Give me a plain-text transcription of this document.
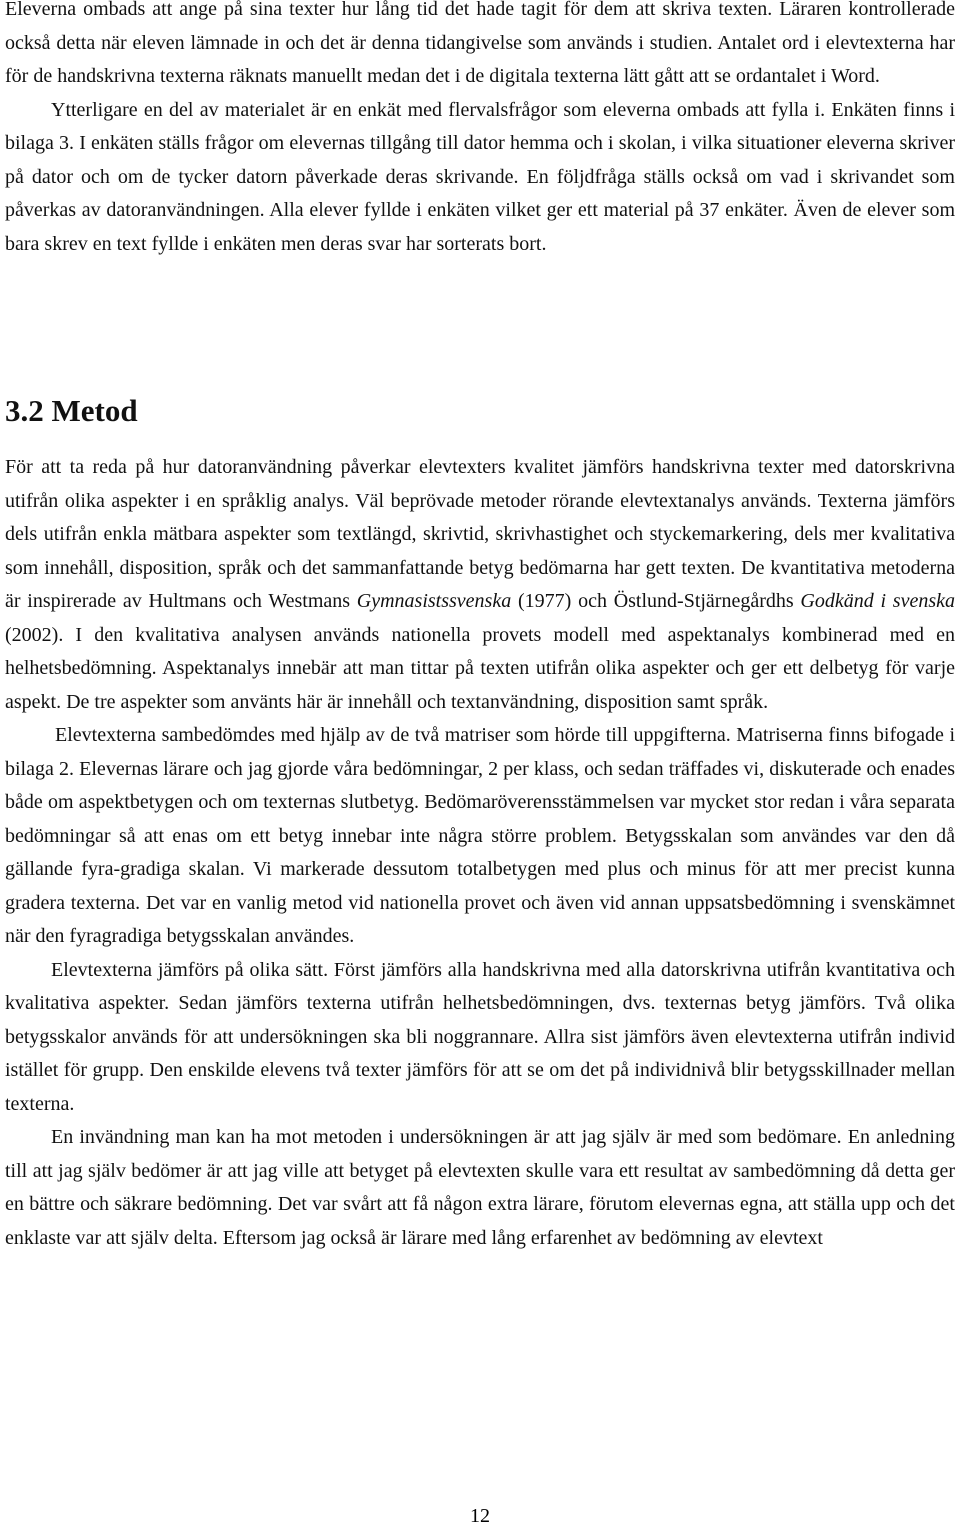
Eleverna ombads att ange på sina texter hur lång tid det hade tagit för dem att skriva texten. Läraren kontrollerade också detta när eleven lämnade in och det är denna tidangivelse som används i studien. Antalet ord i elevtexterna har för de handskrivna texterna räknats manuellt medan det i de digitala texterna lätt gått att se ordantalet i Word.

Ytterligare en del av materialet är en enkät med flervalsfrågor som eleverna ombads att fylla i. Enkäten finns i bilaga 3. I enkäten ställs frågor om elevernas tillgång till dator hemma och i skolan, i vilka situationer eleverna skriver på dator och om de tycker datorn påverkade deras skrivande. En följdfråga ställs också om vad i skrivandet som påverkas av datoranvändningen. Alla elever fyllde i enkäten vilket ger ett material på 37 enkäter. Även de elever som bara skrev en text fyllde i enkäten men deras svar har sorterats bort.

3.2 Metod

För att ta reda på hur datoranvändning påverkar elevtexters kvalitet jämförs handskrivna texter med datorskrivna utifrån olika aspekter i en språklig analys. Väl beprövade metoder rörande elevtextanalys används. Texterna jämförs dels utifrån enkla mätbara aspekter som textlängd, skrivtid, skrivhastighet och styckemarkering, dels mer kvalitativa som innehåll, disposition, språk och det sammanfattande betyg bedömarna har gett texten. De kvantitativa metoderna är inspirerade av Hultmans och Westmans Gymnasistssvenska (1977) och Östlund-Stjärnegårdhs Godkänd i svenska (2002). I den kvalitativa analysen används nationella provets modell med aspektanalys kombinerad med en helhetsbedömning. Aspektanalys innebär att man tittar på texten utifrån olika aspekter och ger ett delbetyg för varje aspekt. De tre aspekter som använts här är innehåll och textanvändning, disposition samt språk.

Elevtexterna sambedömdes med hjälp av de två matriser som hörde till uppgifterna. Matriserna finns bifogade i bilaga 2. Elevernas lärare och jag gjorde våra bedömningar, 2 per klass, och sedan träffades vi, diskuterade och enades både om aspektbetygen och om texternas slutbetyg. Bedömaröverensstämmelsen var mycket stor redan i våra separata bedömningar så att enas om ett betyg innebar inte några större problem. Betygsskalan som användes var den då gällande fyra-gradiga skalan. Vi markerade dessutom totalbetygen med plus och minus för att mer precist kunna gradera texterna. Det var en vanlig metod vid nationella provet och även vid annan uppsatsbedömning i svenskämnet när den fyragradiga betygsskalan användes.

Elevtexterna jämförs på olika sätt. Först jämförs alla handskrivna med alla datorskrivna utifrån kvantitativa och kvalitativa aspekter. Sedan jämförs texterna utifrån helhetsbedömningen, dvs. texternas betyg jämförs. Två olika betygsskalor används för att undersökningen ska bli noggrannare. Allra sist jämförs även elevtexterna utifrån individ istället för grupp. Den enskilde elevens två texter jämförs för att se om det på individnivå blir betygsskillnader mellan texterna.

En invändning man kan ha mot metoden i undersökningen är att jag själv är med som bedömare. En anledning till att jag själv bedömer är att jag ville att betyget på elevtexten skulle vara ett resultat av sambedömning då detta ger en bättre och säkrare bedömning. Det var svårt att få någon extra lärare, förutom elevernas egna, att ställa upp och det enklaste var att själv delta. Eftersom jag också är lärare med lång erfarenhet av bedömning av elevtext

12
